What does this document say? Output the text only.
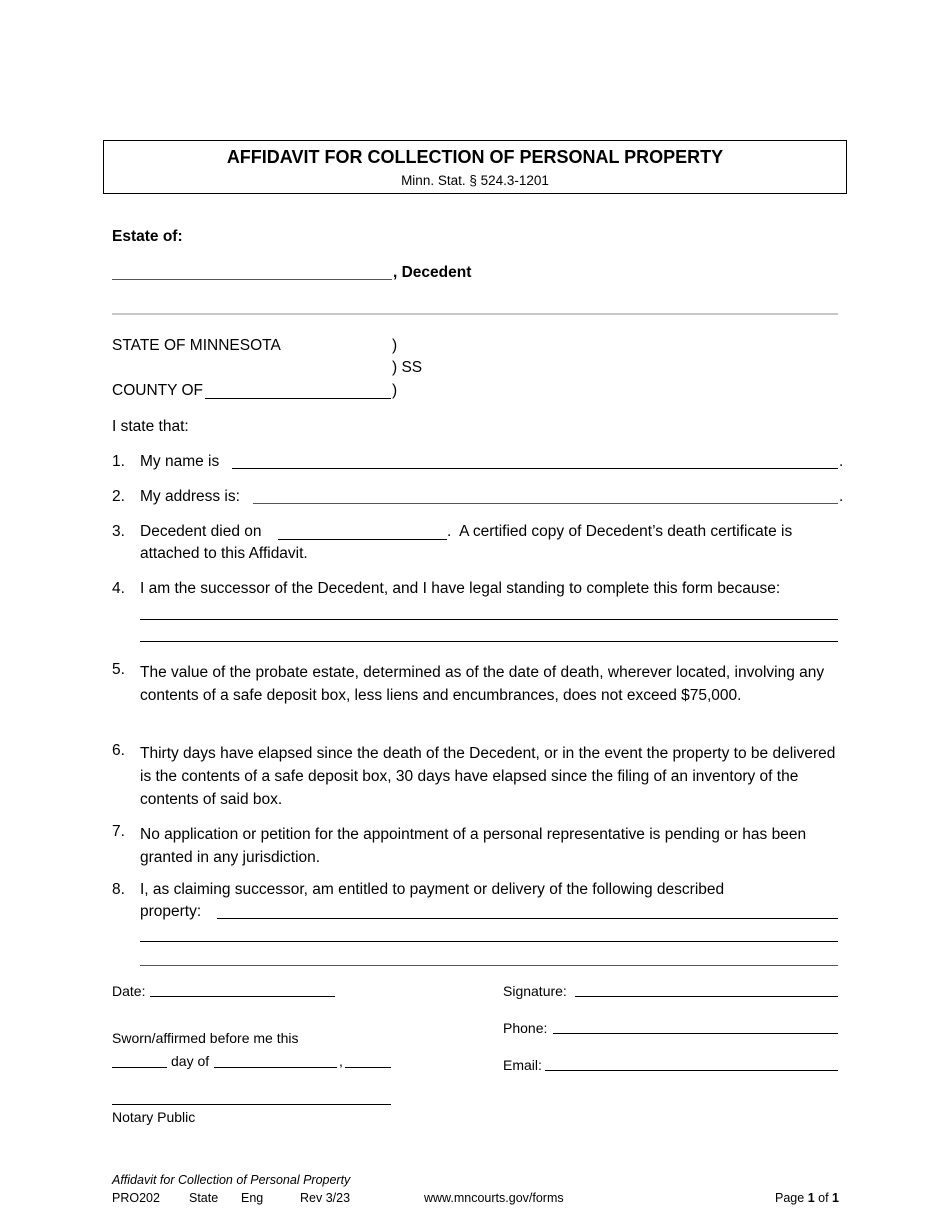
AFFIDAVIT FOR COLLECTION OF PERSONAL PROPERTY
Minn. Stat. § 524.3-1201
Estate of:
, Decedent
STATE OF MINNESOTA	)
) SS
COUNTY OF	)
I state that:
1. My name is	.
2. My address is:	.
3. Decedent died on	.  A certified copy of Decedent’s death certificate is
attached to this Affidavit.
4. I am the successor of the Decedent, and I have legal standing to complete this form because:
5. The value of the probate estate, determined as of the date of death, wherever located, involving any contents of a safe deposit box, less liens and encumbrances, does not exceed $75,000.
6. Thirty days have elapsed since the death of the Decedent, or in the event the property to be delivered is the contents of a safe deposit box, 30 days have elapsed since the filing of an inventory of the contents of said box.
7. No application or petition for the appointment of a personal representative is pending or has been granted in any jurisdiction.
8. I, as claiming successor, am entitled to payment or delivery of the following described
property:
Date:
Sworn/affirmed before me this
day of	,
Notary Public
Signature:
Phone:
Email:
Affidavit for Collection of Personal Property
PRO202 State Eng	Rev 3/23	www.mncourts.gov/forms	Page 1 of 1
